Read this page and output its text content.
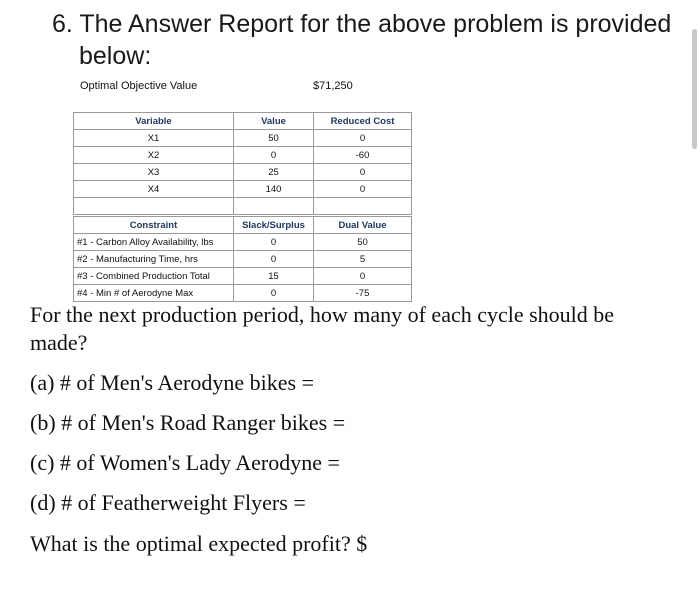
6. The Answer Report for the above problem is provided
below:
Optimal Objective Value	$71,250
Variable	Value	Reduced Cost
X1	50	0
X2	0	-60
X3	25	0
X4	140	0

Constraint	Slack/Surplus	Dual Value
#1 - Carbon Alloy Availability, lbs	0	50
#2 - Manufacturing Time, hrs	0	5
#3 - Combined Production Total	15	0
#4 - Min # of Aerodyne Max	0	-75
For the next production period, how many of each cycle should be made?
(a) # of Men's Aerodyne bikes =
(b) # of Men's Road Ranger bikes =
(c) # of Women's Lady Aerodyne =
(d) # of Featherweight Flyers =
What is the optimal expected profit? $
